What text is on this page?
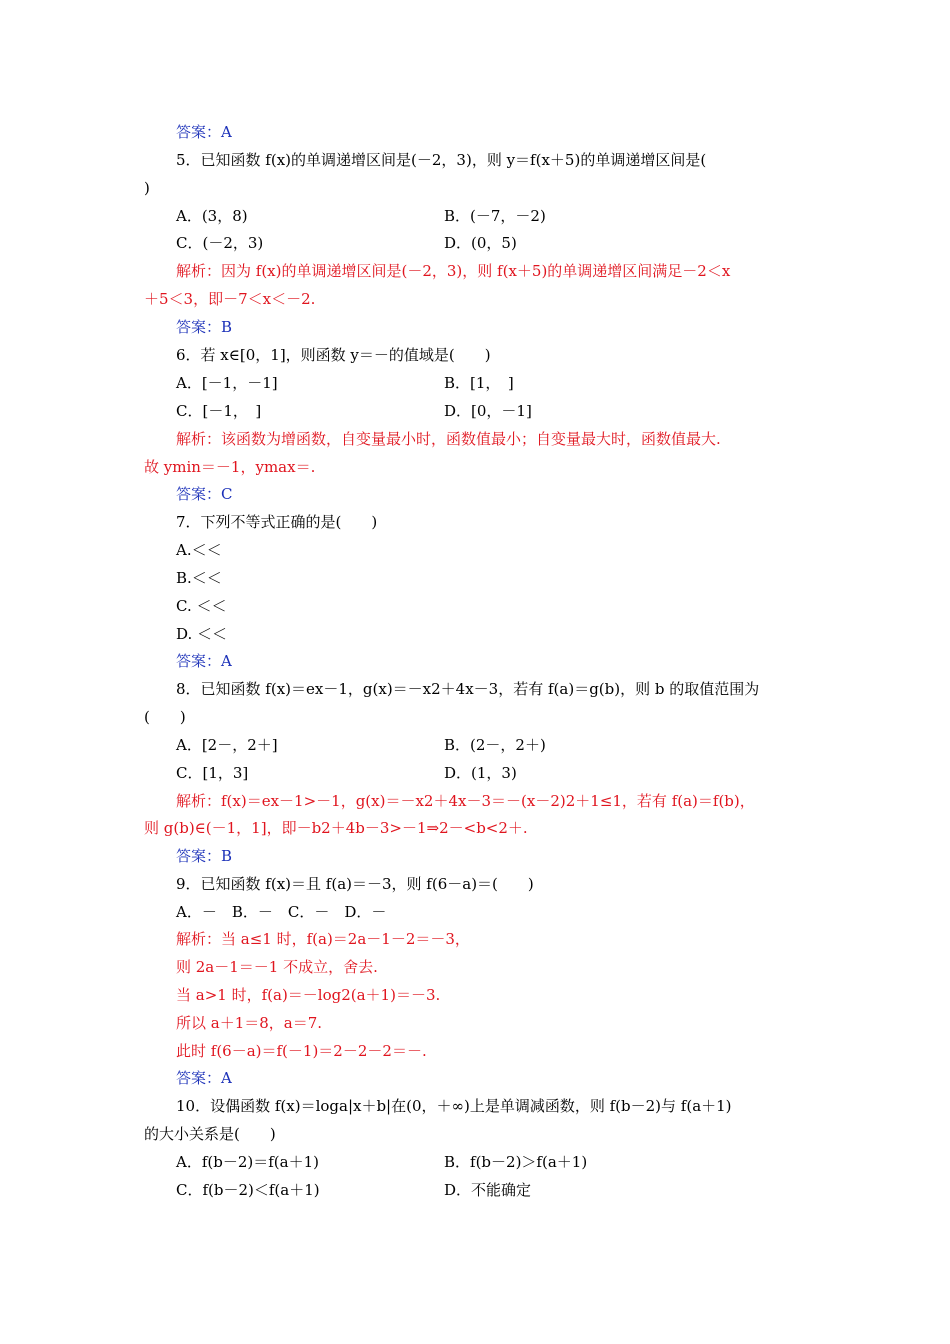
答案：A
5．已知函数 f(x)的单调递增区间是(－2，3)，则 y＝f(x＋5)的单调递增区间是(
)
A．(3，8)	B．(－7，－2)
C．(－2，3)	D．(0，5)
解析：因为 f(x)的单调递增区间是(－2，3)，则 f(x＋5)的单调递增区间满足－2＜x
＋5＜3，即－7＜x＜－2.
答案：B
6．若 x∈[0，1]，则函数 y＝－的值域是(　　)
A．[－1，－1]	B．[1，　]
C．[－1，　]	D．[0，－1]
解析：该函数为增函数，自变量最小时，函数值最小；自变量最大时，函数值最大.
故 ymin＝－1，ymax＝.
答案：C
7．下列不等式正确的是(　　)
A.＜＜
B.＜＜
C. ＜＜
D. ＜＜
答案：A
8．已知函数 f(x)＝ex－1，g(x)＝－x2＋4x－3，若有 f(a)＝g(b)，则 b 的取值范围为
(　　)
A．[2－，2＋]	B．(2－，2＋)
C．[1，3]	D．(1，3)
解析：f(x)＝ex－1>－1，g(x)＝－x2＋4x－3＝－(x－2)2＋1≤1，若有 f(a)＝f(b)，
则 g(b)∈(－1，1]，即－b2＋4b－3>－1⇒2－<b<2＋.
答案：B
9．已知函数 f(x)＝且 f(a)＝－3，则 f(6－a)＝(　　)
A．－　B．－　C．－　D．－
解析：当 a≤1 时，f(a)＝2a－1－2＝－3，
则 2a－1＝－1 不成立，舍去.
当 a>1 时，f(a)＝－log2(a＋1)＝－3.
所以 a＋1＝8，a＝7.
此时 f(6－a)＝f(－1)＝2－2－2＝－.
答案：A
10．设偶函数 f(x)＝loga|x＋b|在(0，＋∞)上是单调减函数，则 f(b－2)与 f(a＋1)
的大小关系是(　　)
A．f(b－2)＝f(a＋1)	B．f(b－2)＞f(a＋1)
C．f(b－2)＜f(a＋1)	D．不能确定
